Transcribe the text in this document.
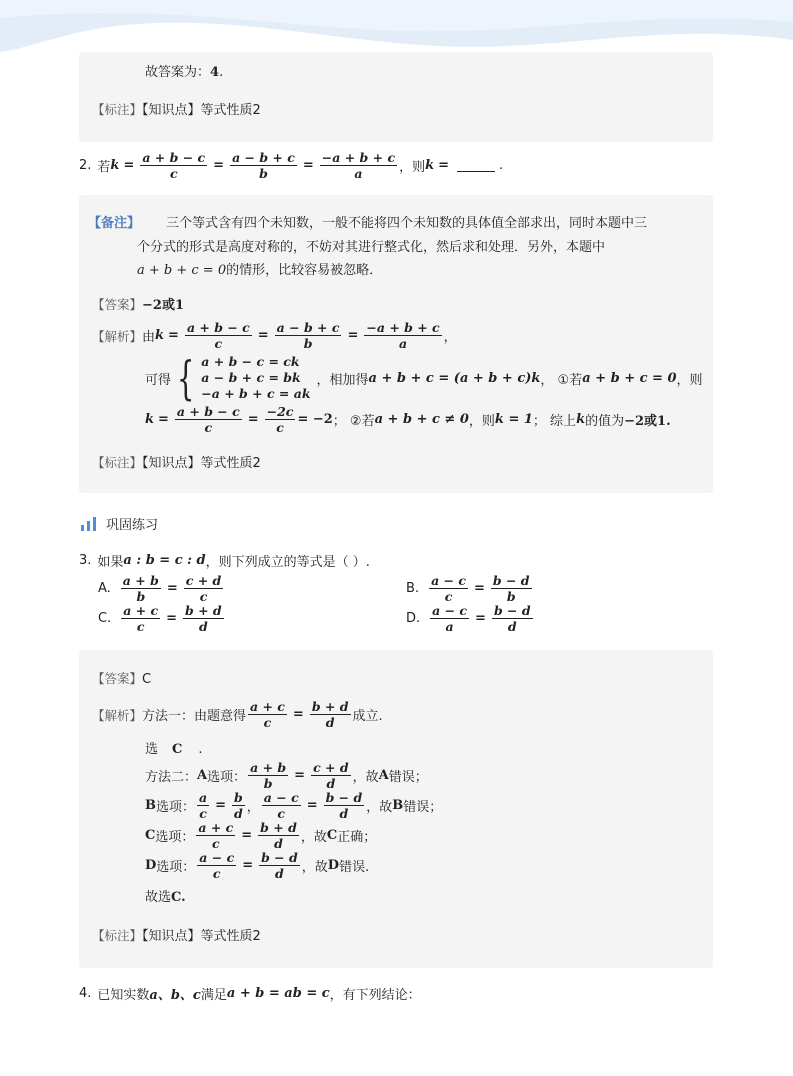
故答案为：4.
【标注】【知识点】等式性质2
2. 若 $k = \frac{a + b - c}{c} = \frac{a - b + c}{b} = \frac{-a + b + c}{a}$ ，则 k =	.
【备注】 三个等式含有四个未知数，一般不能将四个未知数的具体值全部求出，同时本题中三
个分式的形式是高度对称的，不妨对其进行整式化，然后求和处理．另外，本题中
a + b + c = 0的情形，比较容易被忽略．
【答案】−2或1
【解析】 由 $k = \frac{a + b - c}{c} = \frac{a - b + c}{b} = \frac{-a + b + c}{a}$ ，
可得 { a + b − c = ck
a − b + c = bk
−a + b + c = ak
，相加得 a + b + c = (a + b + c)k ， ①若 a + b + c = 0 ，则
$k = \frac{a + b - c}{c} = \frac{-2c}{c} = -2$ ； ②若 a + b + c ≠ 0 ，则 k = 1 ； 综上 k 的值为 −2或1.
【标注】【知识点】等式性质2
巩固练习
3. 如果 a : b = c : d ，则下列成立的等式是（ ）.
A. $\frac{a + b}{b} = \frac{c + d}{c}$	B. $\frac{a - c}{c} = \frac{b - d}{b}$
C. $\frac{a + c}{c} = \frac{b + d}{d}$	D. $\frac{a - c}{a} = \frac{b - d}{d}$
【答案】C
【解析】 方法一：由题意得 $\frac{a + c}{c} = \frac{b + d}{d}$ 成立.
选 C .
方法二： A 选项： $\frac{a + b}{b} = \frac{c + d}{d}$ ，故 A 错误；
B 选项： $\frac{a}{c} = \frac{b}{d}$ ， $\frac{a - c}{c} = \frac{b - d}{d}$ ，故 B 错误；
C 选项： $\frac{a + c}{c} = \frac{b + d}{d}$ ，故 C 正确；
D 选项： $\frac{a - c}{c} = \frac{b - d}{d}$ ，故 D 错误.
故选C.
【标注】【知识点】等式性质2
4. 已知实数 a、b、c 满足 a + b = ab = c ，有下列结论：
